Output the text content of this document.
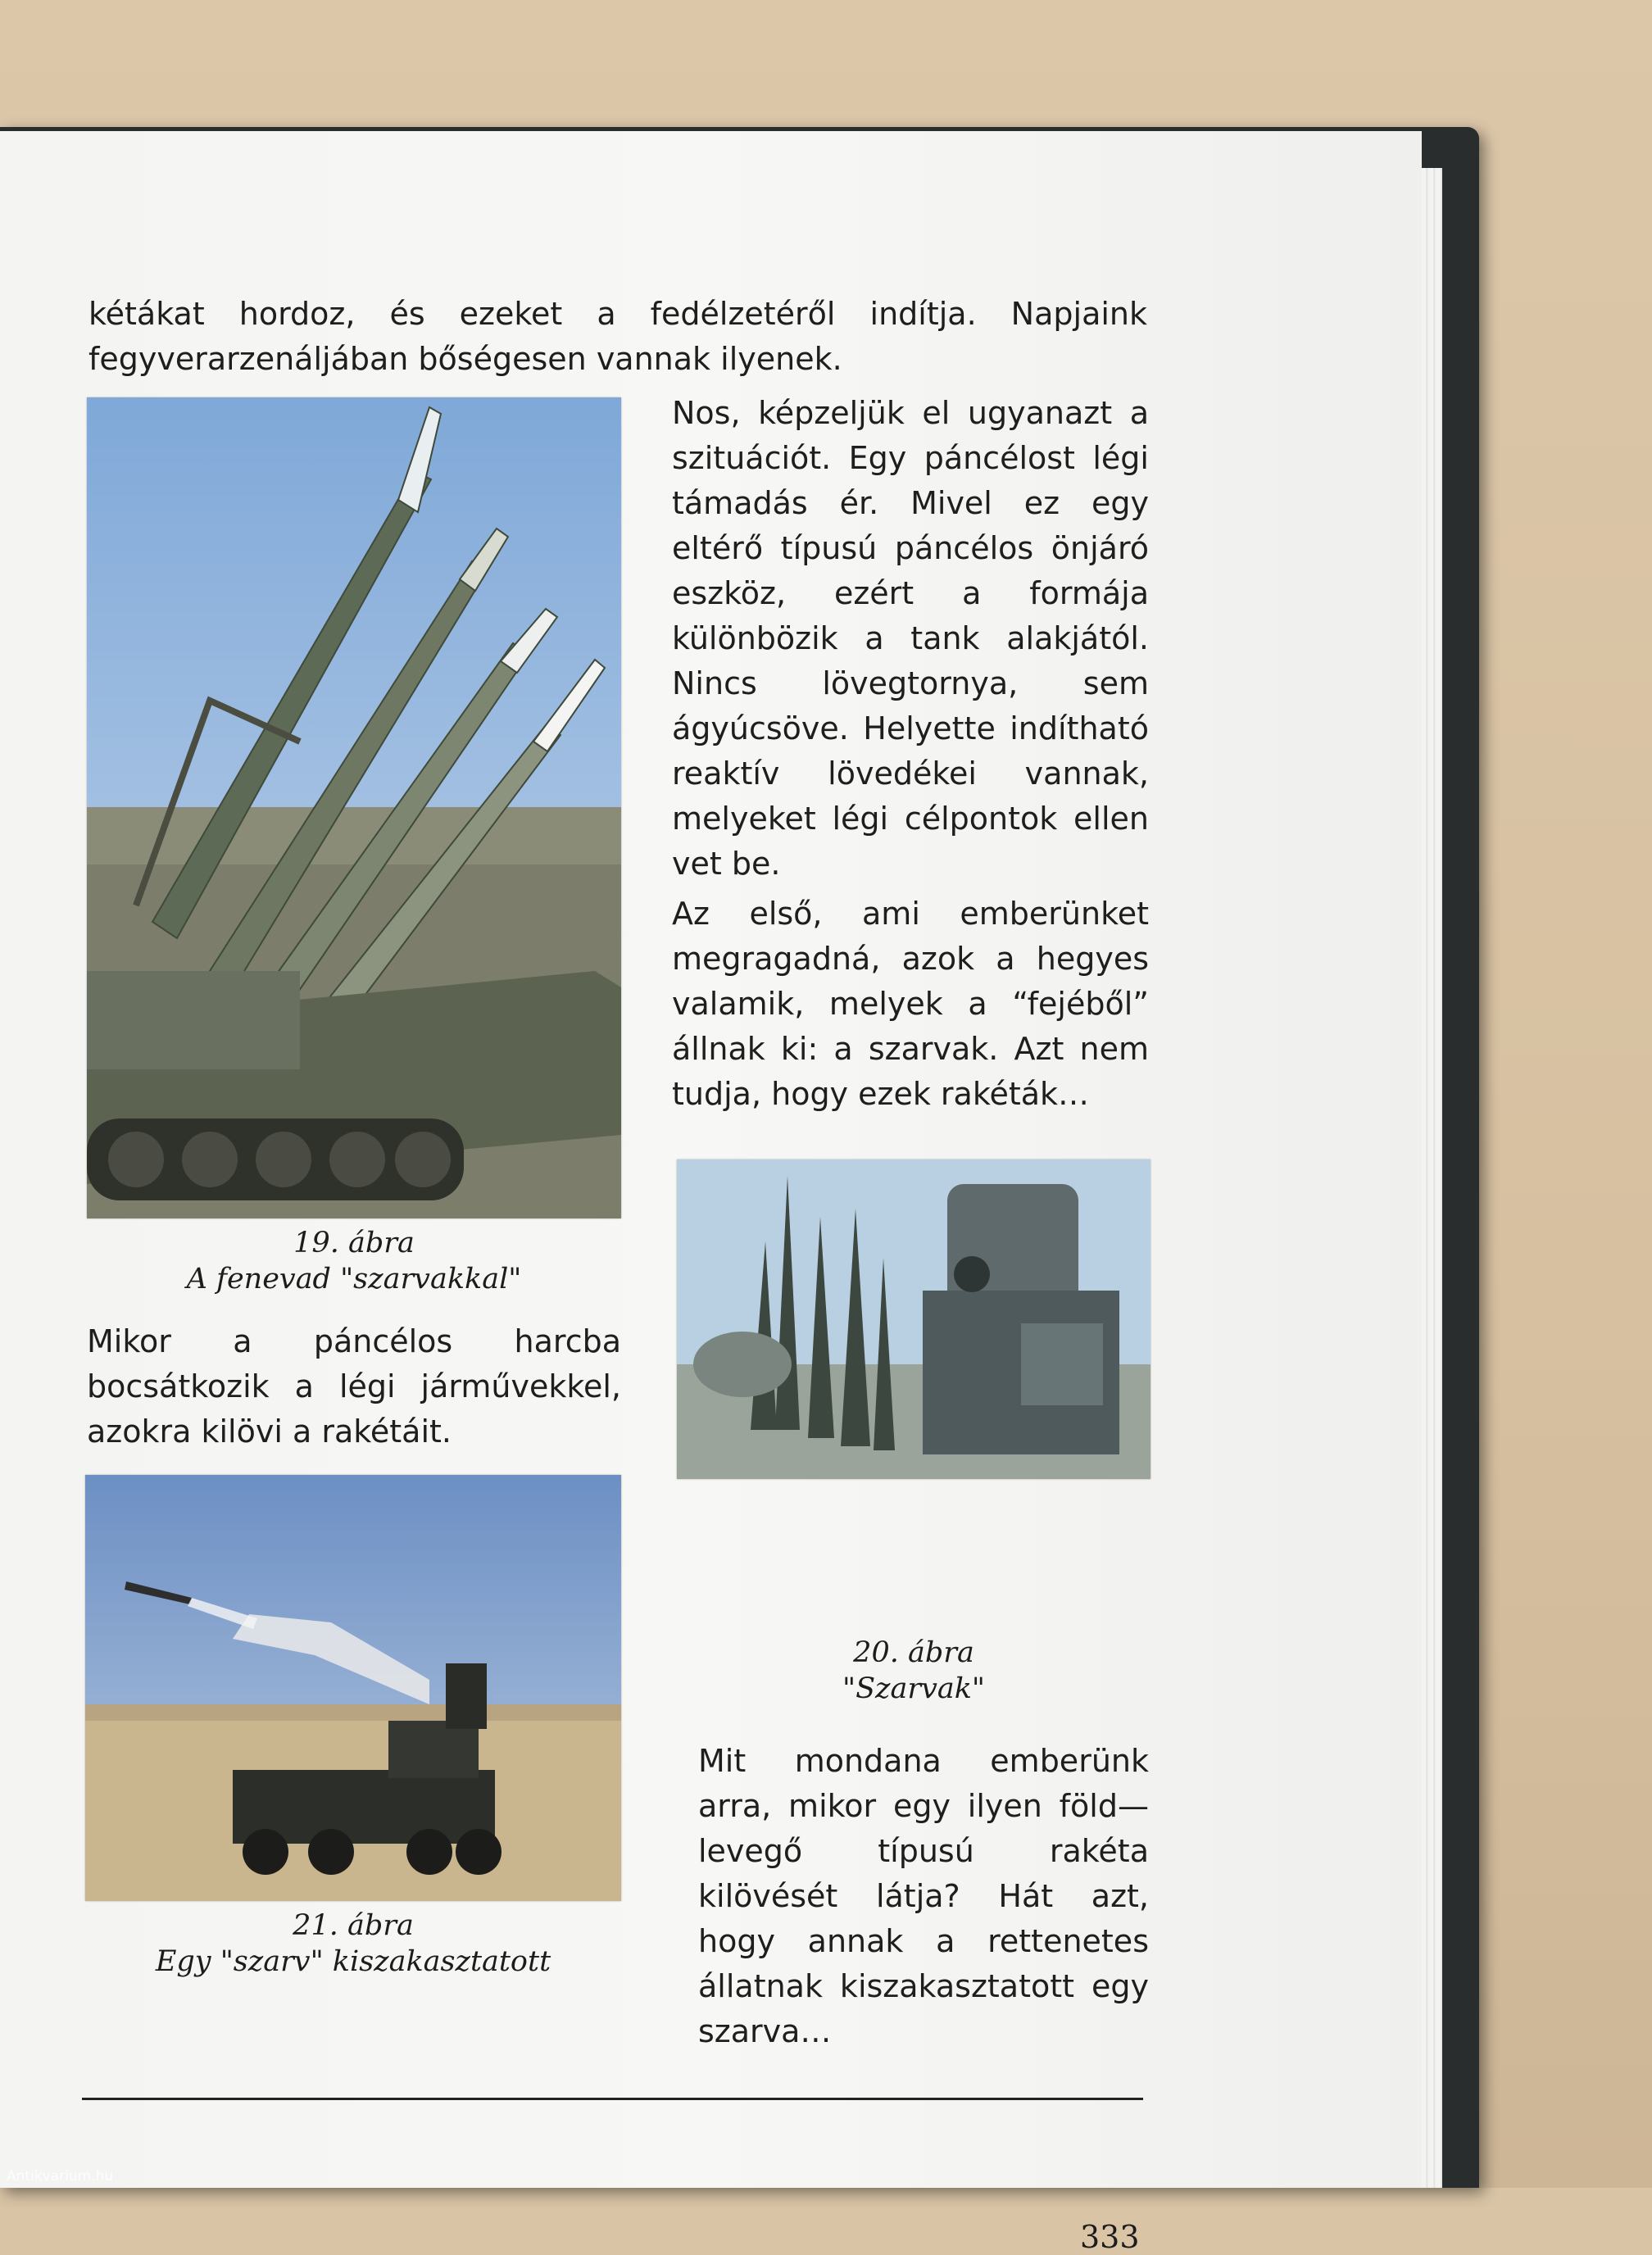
kétákat hordoz, és ezeket a fedélzetéről indítja. Napjaink fegyverarzenáljában bőségesen vannak ilyenek.

19. ábra
A fenevad "szarvakkal"

Nos, képzeljük el ugyanazt a szituációt. Egy páncélost légi támadás ér. Mivel ez egy eltérő típusú páncélos önjáró eszköz, ezért a formája különbözik a tank alakjától. Nincs lövegtornya, sem ágyúcsöve. Helyette indítható reaktív lövedékei vannak, melyeket légi célpontok ellen vet be.

Az első, ami emberünket megragadná, azok a hegyes valamik, melyek a “fejéből” állnak ki: a szarvak. Azt nem tudja, hogy ezek rakéták…

20. ábra
"Szarvak"

Mikor a páncélos harcba bocsátkozik a légi járművekkel, azokra kilövi a rakétáit.

21. ábra
Egy "szarv" kiszakasztatott

Mit mondana emberünk arra, mikor egy ilyen föld—levegő típusú rakéta kilövését látja? Hát azt, hogy annak a rettenetes állatnak kiszakasztatott egy szarva…

333
Antikvarium.hu
